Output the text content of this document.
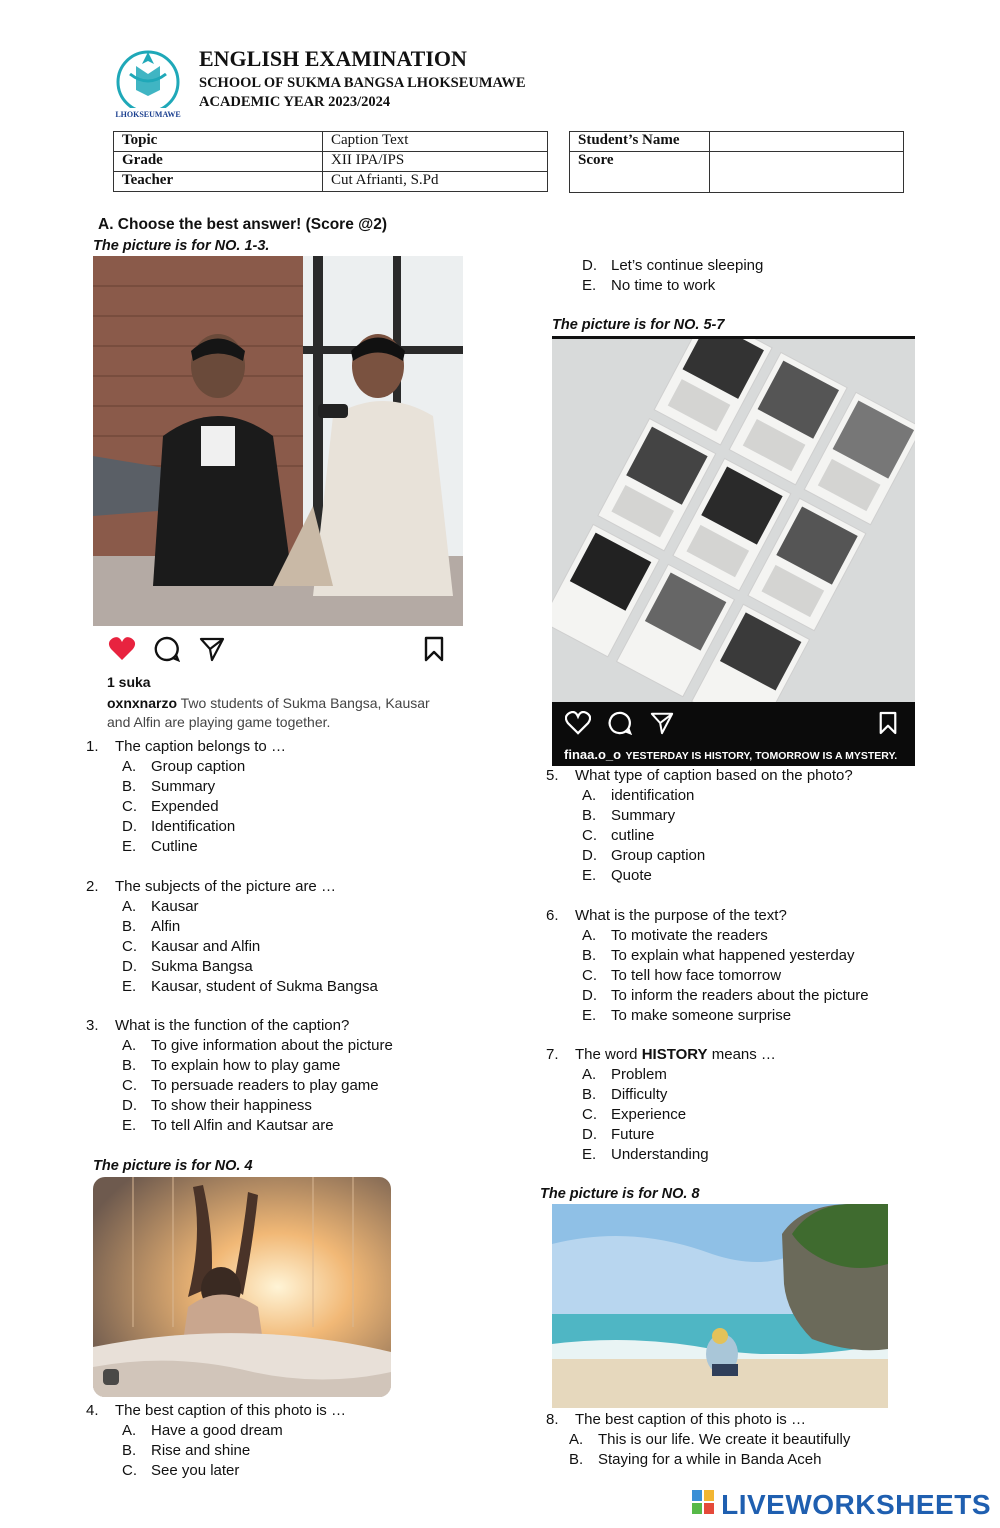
LHOKSEUMAWE
ENGLISH EXAMINATION
SCHOOL OF SUKMA BANGSA LHOKSEUMAWE
ACADEMIC YEAR 2023/2024
Topic	Caption Text
Grade	XII IPA/IPS
Teacher	Cut Afrianti, S.Pd
Student’s Name	
Score	
A. Choose the best answer! (Score @2)
The picture is for NO. 1-3.
1 suka
oxnxnarzo Two students of Sukma Bangsa, Kausar and Alfin are playing game together.
1. The caption belongs to …
A. Group caption
B. Summary
C. Expended
D. Identification
E. Cutline
2. The subjects of the picture are …
A. Kausar
B. Alfin
C. Kausar and Alfin
D. Sukma Bangsa
E. Kausar, student of Sukma Bangsa
3. What is the function of the caption?
A. To give information about the picture
B. To explain how to play game
C. To persuade readers to play game
D. To show their happiness
E. To tell Alfin and Kautsar are
The picture is for NO. 4
4. The best caption of this photo is …
A. Have a good dream
B. Rise and shine
C. See you later
D. Let’s continue sleeping
E. No time to work
The picture is for NO. 5-7
finaa.o_o YESTERDAY IS HISTORY, TOMORROW IS A MYSTERY.
5. What type of caption based on the photo?
A. identification
B. Summary
C. cutline
D. Group caption
E. Quote
6. What is the purpose of the text?
A. To motivate the readers
B. To explain what happened yesterday
C. To tell how face tomorrow
D. To inform the readers about the picture
E. To make someone surprise
7. The word HISTORY means …
A. Problem
B. Difficulty
C. Experience
D. Future
E. Understanding
The picture is for NO. 8
8. The best caption of this photo is …
A. This is our life. We create it beautifully
B. Staying for a while in Banda Aceh
LIVEWORKSHEETS
